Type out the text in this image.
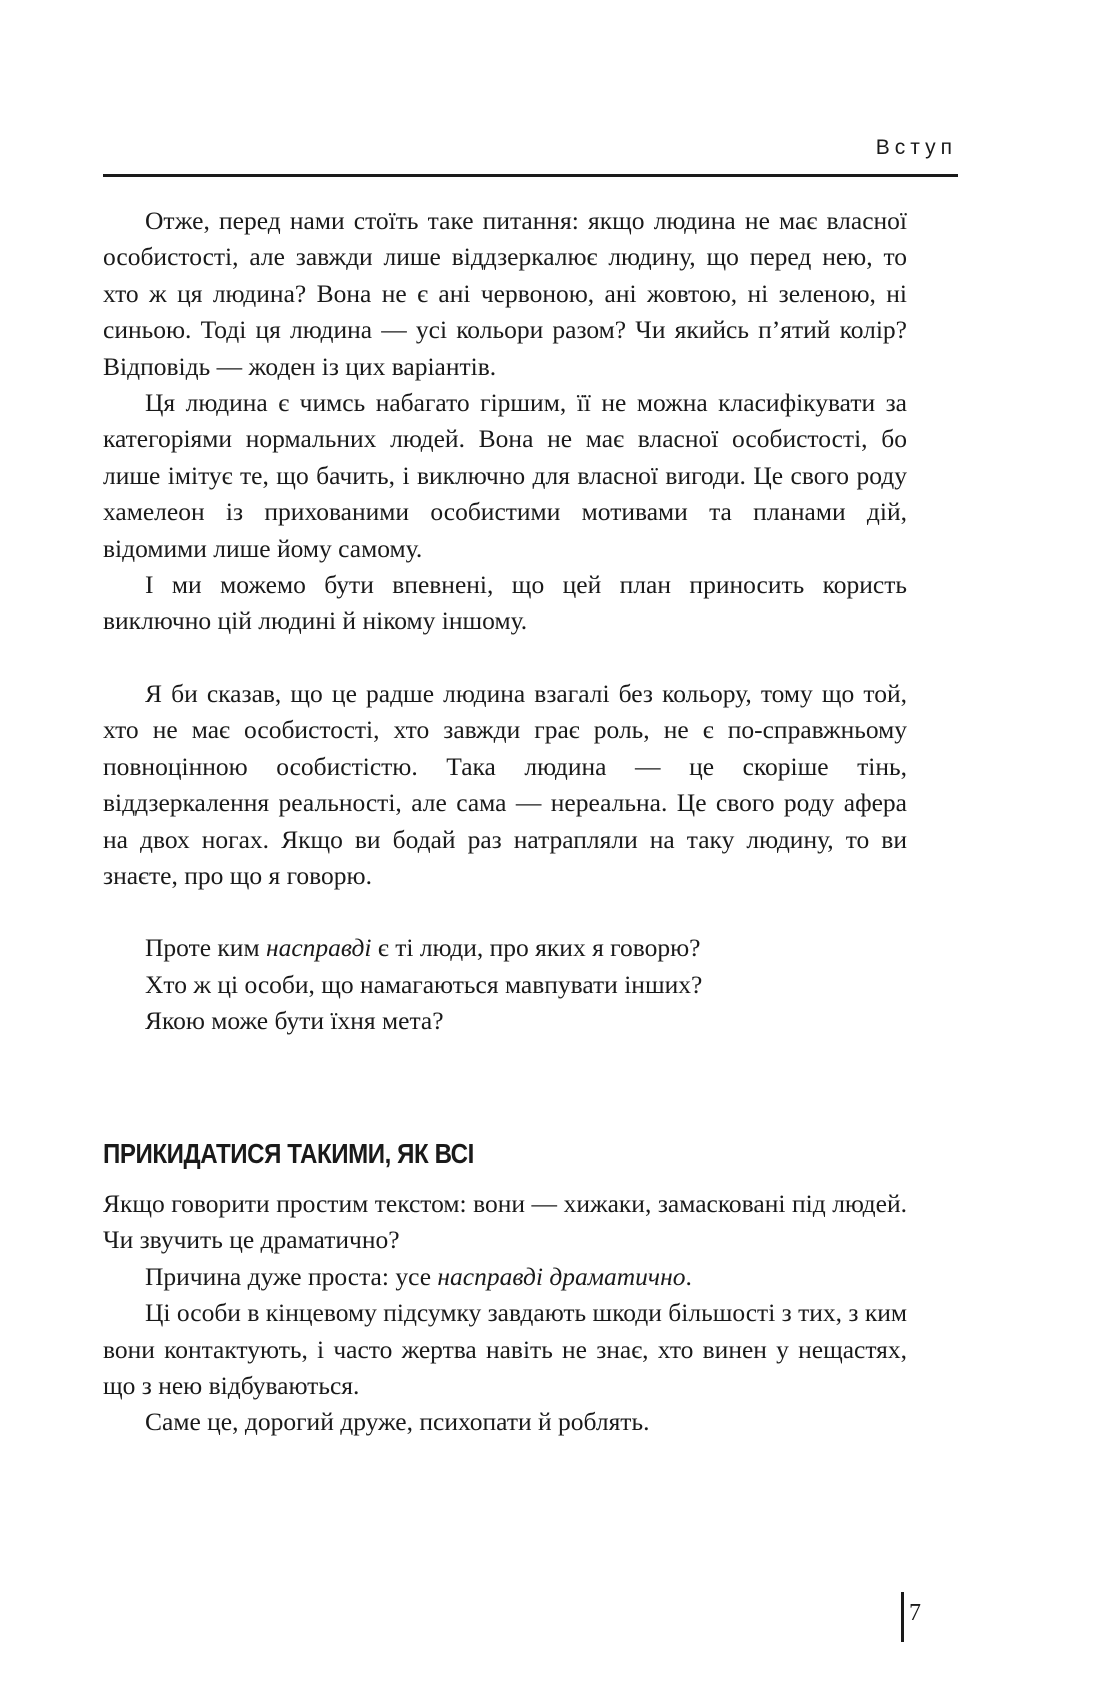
Вступ

Отже, перед нами стоїть таке питання: якщо людина не має власної особистості, але завжди лише віддзеркалює людину, що перед нею, то хто ж ця людина? Вона не є ані червоною, ані жовтою, ні зеленою, ні синьою. Тоді ця людина — усі кольори разом? Чи якийсь п’ятий колір? Відповідь — жоден із цих варіантів.

Ця людина є чимсь набагато гіршим, її не можна класифікувати за категоріями нормальних людей. Вона не має власної особистості, бо лише імітує те, що бачить, і виключно для власної вигоди. Це свого роду хамелеон із прихованими особистими мотивами та планами дій, відомими лише йому самому.

І ми можемо бути впевнені, що цей план приносить користь виключно цій людині й нікому іншому.

Я би сказав, що це радше людина взагалі без кольору, тому що той, хто не має особистості, хто завжди грає роль, не є по-справжньому повноцінною особистістю. Така людина — це скоріше тінь, віддзеркалення реальності, але сама — нереальна. Це свого роду афера на двох ногах. Якщо ви бодай раз натрапляли на таку людину, то ви знаєте, про що я говорю.

Проте ким насправді є ті люди, про яких я говорю?

Хто ж ці особи, що намагаються мавпувати інших?

Якою може бути їхня мета?

ПРИКИДАТИСЯ ТАКИМИ, ЯК ВСІ

Якщо говорити простим текстом: вони — хижаки, замасковані під людей. Чи звучить це драматично?

Причина дуже проста: усе насправді драматично.

Ці особи в кінцевому підсумку завдають шкоди більшості з тих, з ким вони контактують, і часто жертва навіть не знає, хто винен у нещастях, що з нею відбуваються.

Саме це, дорогий друже, психопати й роблять.

7
